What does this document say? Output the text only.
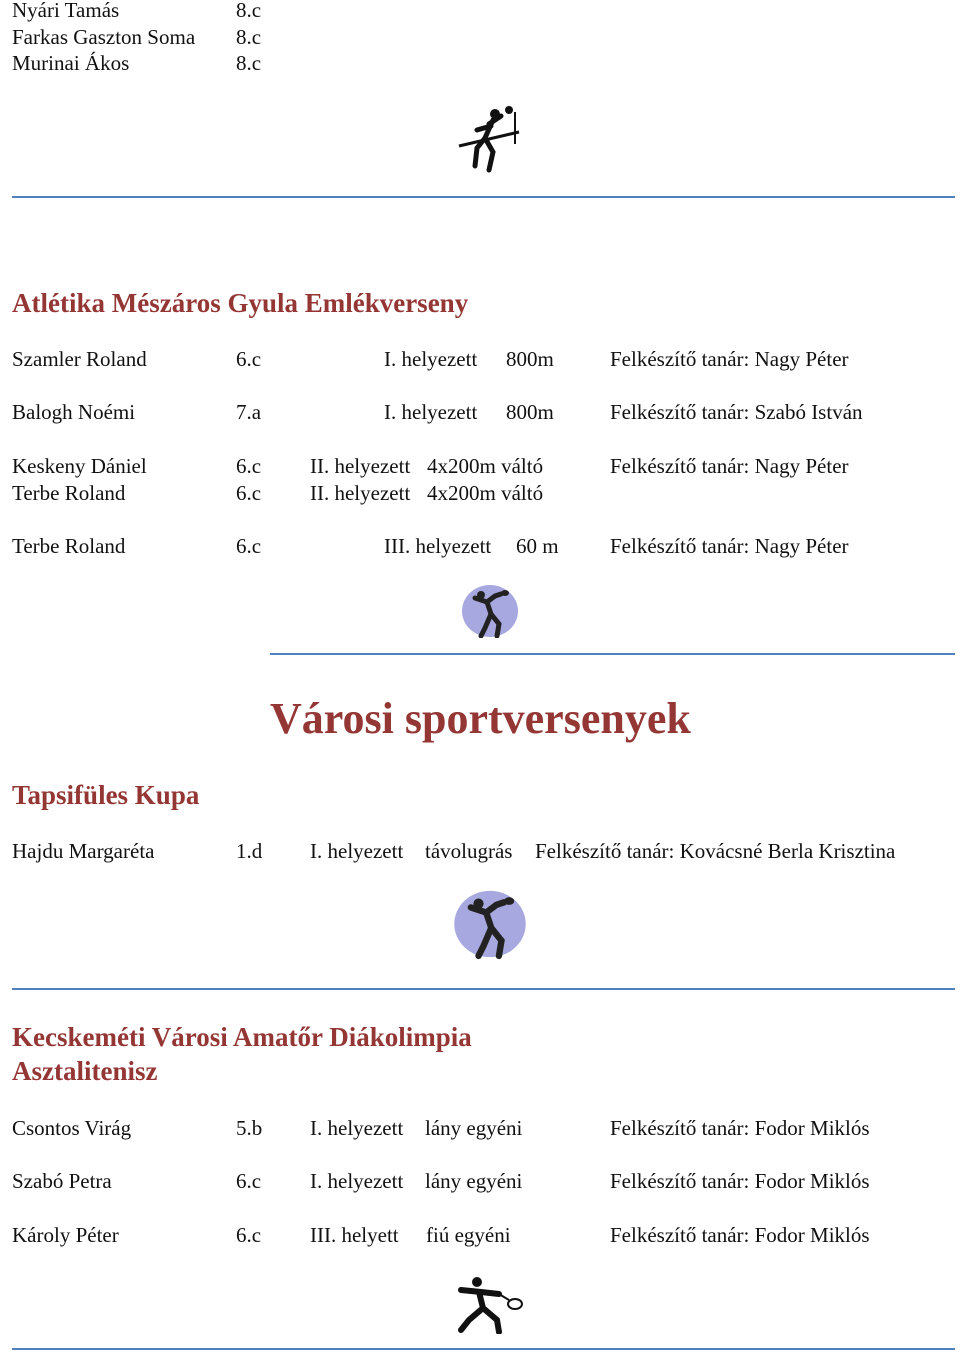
Nyári Tamás	8.c
Farkas Gaszton Soma 8.c
Murinai Ákos	8.c
Atlétika Mészáros Gyula Emlékverseny
Szamler Roland	6.c	I. helyezett 800m	Felkészítő tanár: Nagy Péter
Balogh Noémi	7.a	I. helyezett 800m	Felkészítő tanár: Szabó István
Keskeny Dániel	6.c II. helyezett 4x200m váltó	Felkészítő tanár: Nagy Péter
Terbe Roland	6.c II. helyezett 4x200m váltó
Terbe Roland	6.c	III. helyezett 60 m Felkészítő tanár: Nagy Péter
Városi sportversenyek
Tapsifüles Kupa
Hajdu Margaréta	1.d I. helyezett távolugrás Felkészítő tanár: Kovácsné Berla Krisztina
Kecskeméti Városi Amatőr Diákolimpia
Asztalitenisz
Csontos Virág	5.b I. helyezett lány egyéni	Felkészítő tanár: Fodor Miklós
Szabó Petra	6.c I. helyezett lány egyéni	Felkészítő tanár: Fodor Miklós
Károly Péter	6.c III. helyett fiú egyéni	Felkészítő tanár: Fodor Miklós
